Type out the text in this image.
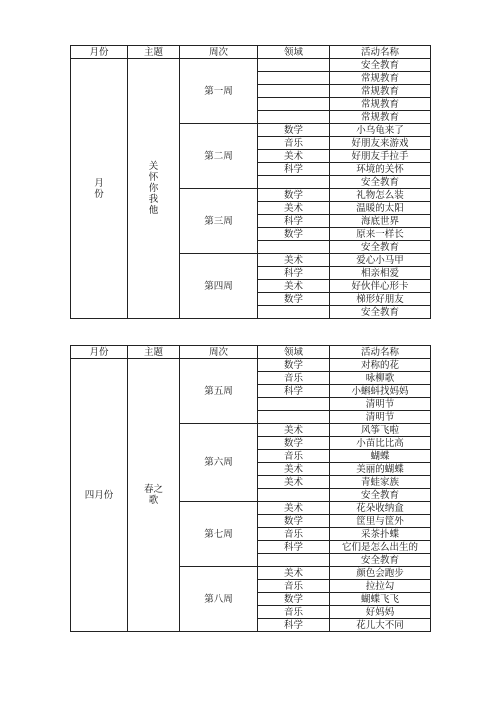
月份	主题	周次	领域	活动名称
月份	关怀你我他	第一周		安全教育
				常规教育
				常规教育
				常规教育
				常规教育
		第二周	数学	小乌龟来了
			音乐	好朋友来游戏
			美术	好朋友手拉手
			科学	环境的关怀
				安全教育
		第三周	数学	礼物怎么装
			美术	温暖的太阳
			科学	海底世界
			数学	原来一样长
				安全教育
		第四周	美术	爱心小马甲
			科学	相亲相爱
			美术	好伙伴心形卡
			数学	梯形好朋友
				安全教育
月份	主题	周次	领域	活动名称
四月份	春之歌	第五周	数学	对称的花
			音乐	咏柳歌
			科学	小蝌蚪找妈妈
				清明节
				清明节
		第六周	美术	风筝飞啦
			数学	小苗比比高
			音乐	蝴蝶
			美术	美丽的蝴蝶
			美术	青蛙家族
				安全教育
		第七周	美术	花朵收纳盒
			数学	筐里与筐外
			音乐	采茶扑蝶
			科学	它们是怎么出生的
				安全教育
		第八周	美术	颜色会跑步
			音乐	拉拉勾
			数学	蝴蝶飞飞
			音乐	好妈妈
			科学	花儿大不同
